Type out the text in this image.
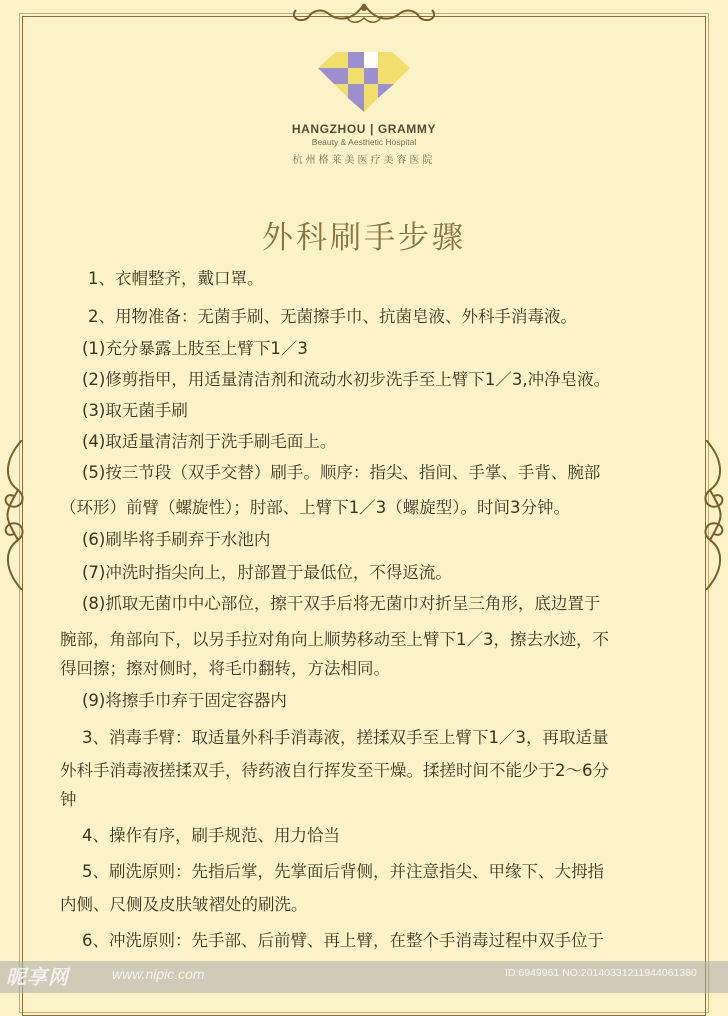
HANGZHOU | GRAMMY
Beauty & Aesthetic Hospital
杭州格莱美医疗美容医院
外科刷手步骤
1、衣帽整齐，戴口罩。
2、用物准备：无菌手刷、无菌擦手巾、抗菌皂液、外科手消毒液。
(1)充分暴露上肢至上臂下1／3
(2)修剪指甲，用适量清洁剂和流动水初步洗手至上臂下1／3,冲净皂液。
(3)取无菌手刷
(4)取适量清洁剂于洗手刷毛面上。
(5)按三节段（双手交替）刷手。顺序：指尖、指间、手掌、手背、腕部
（环形）前臂（螺旋性）；肘部、上臂下1／3（螺旋型）。时间3分钟。
(6)刷毕将手刷弃于水池内
(7)冲洗时指尖向上，肘部置于最低位，不得返流。
(8)抓取无菌巾中心部位，擦干双手后将无菌巾对折呈三角形，底边置于
腕部，角部向下，以另手拉对角向上顺势移动至上臂下1／3，擦去水迹，不
得回擦；擦对侧时，将毛巾翻转，方法相同。
(9)将擦手巾弃于固定容器内
3、消毒手臂：取适量外科手消毒液，搓揉双手至上臂下1／3，再取适量
外科手消毒液搓揉双手，待药液自行挥发至干燥。揉搓时间不能少于2～6分
钟
4、操作有序，刷手规范、用力恰当
5、刷洗原则：先指后掌，先掌面后背侧，并注意指尖、甲缘下、大拇指
内侧、尺侧及皮肤皱褶处的刷洗。
6、冲洗原则：先手部、后前臂、再上臂，在整个手消毒过程中双手位于
昵享网	www.nipic.com	ID:6949961 NO:20140331211944061380
